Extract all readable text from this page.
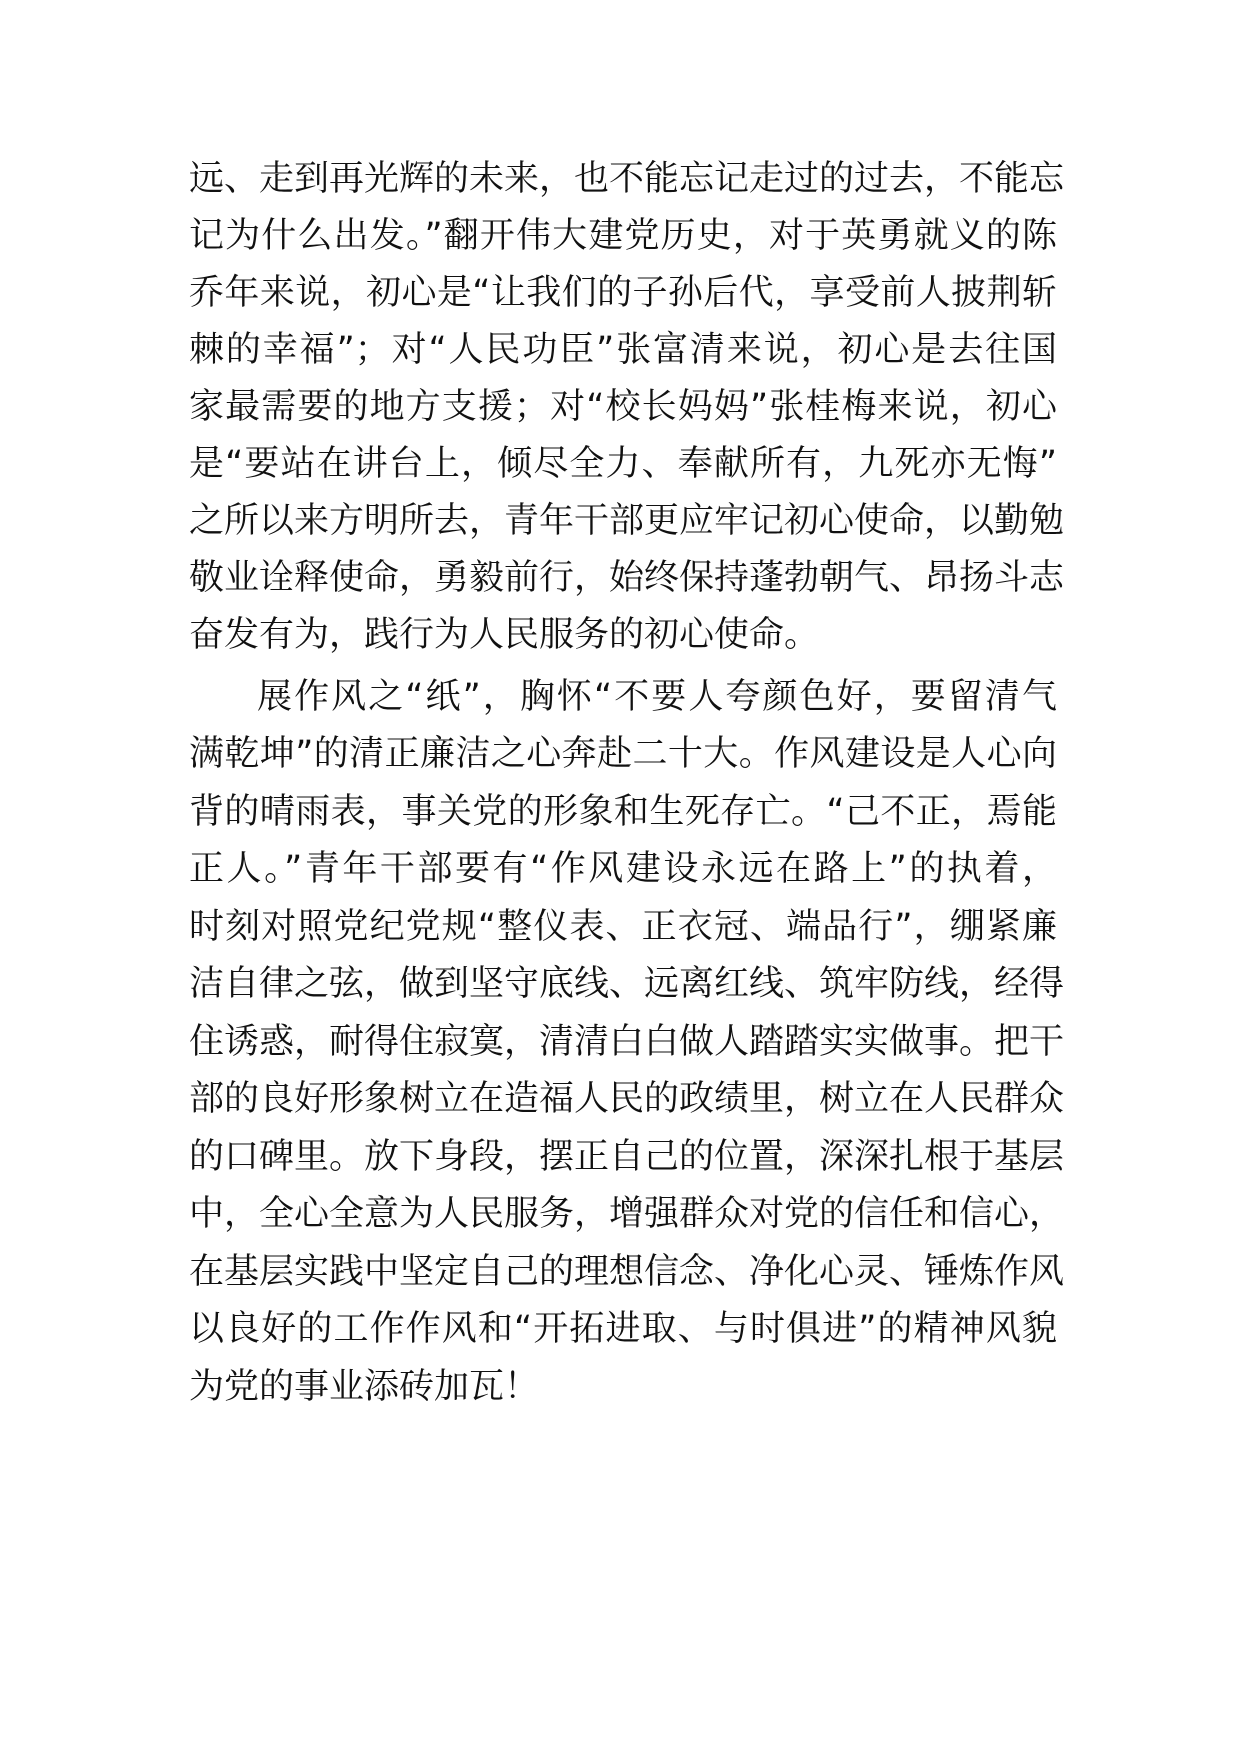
远、走到再光辉的未来，也不能忘记走过的过去，不能忘
记为什么出发。”翻开伟大建党历史，对于英勇就义的陈
乔年来说，初心是“让我们的子孙后代，享受前人披荆斩
棘的幸福”；对“人民功臣”张富清来说，初心是去往国
家最需要的地方支援；对“校长妈妈”张桂梅来说，初心
是“要站在讲台上，倾尽全力、奉献所有，九死亦无悔”
之所以来方明所去，青年干部更应牢记初心使命，以勤勉
敬业诠释使命，勇毅前行，始终保持蓬勃朝气、昂扬斗志
奋发有为，践行为人民服务的初心使命。
展作风之“纸”，胸怀“不要人夸颜色好，要留清气
满乾坤”的清正廉洁之心奔赴二十大。作风建设是人心向
背的晴雨表，事关党的形象和生死存亡。“己不正，焉能
正人。”青年干部要有“作风建设永远在路上”的执着，
时刻对照党纪党规“整仪表、正衣冠、端品行”，绷紧廉
洁自律之弦，做到坚守底线、远离红线、筑牢防线，经得
住诱惑，耐得住寂寞，清清白白做人踏踏实实做事。把干
部的良好形象树立在造福人民的政绩里，树立在人民群众
的口碑里。放下身段，摆正自己的位置，深深扎根于基层
中，全心全意为人民服务，增强群众对党的信任和信心，
在基层实践中坚定自己的理想信念、净化心灵、锤炼作风
以良好的工作作风和“开拓进取、与时俱进”的精神风貌
为党的事业添砖加瓦！
